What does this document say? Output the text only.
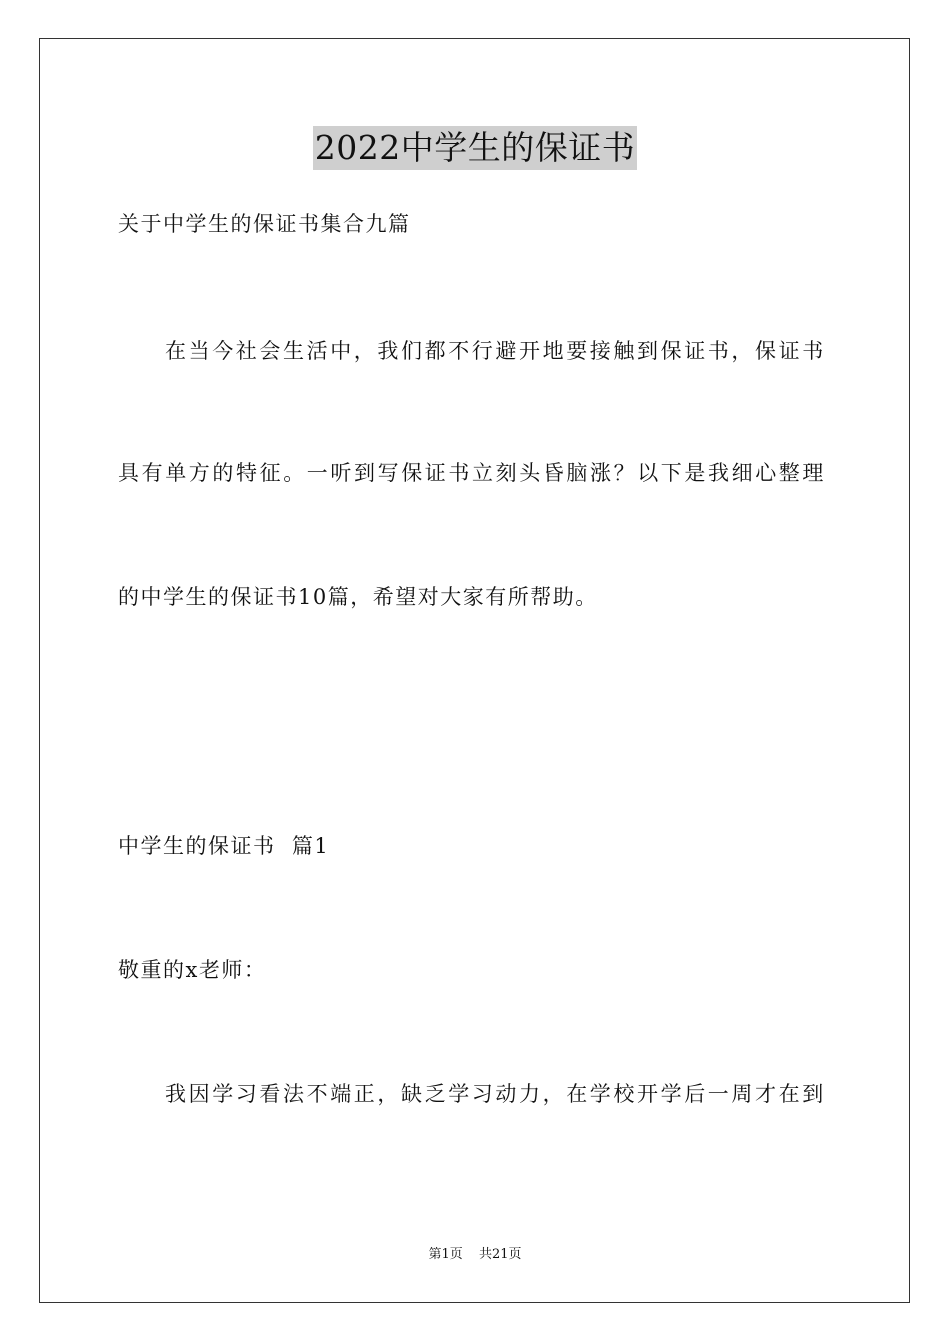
2022中学生的保证书
关于中学生的保证书集合九篇
在当今社会生活中，我们都不行避开地要接触到保证书，保证书
具有单方的特征。一听到写保证书立刻头昏脑涨？以下是我细心整理
的中学生的保证书10篇，希望对大家有所帮助。
中学生的保证书  篇1
敬重的x老师：
我因学习看法不端正，缺乏学习动力，在学校开学后一周才在到
第1页 共21页
